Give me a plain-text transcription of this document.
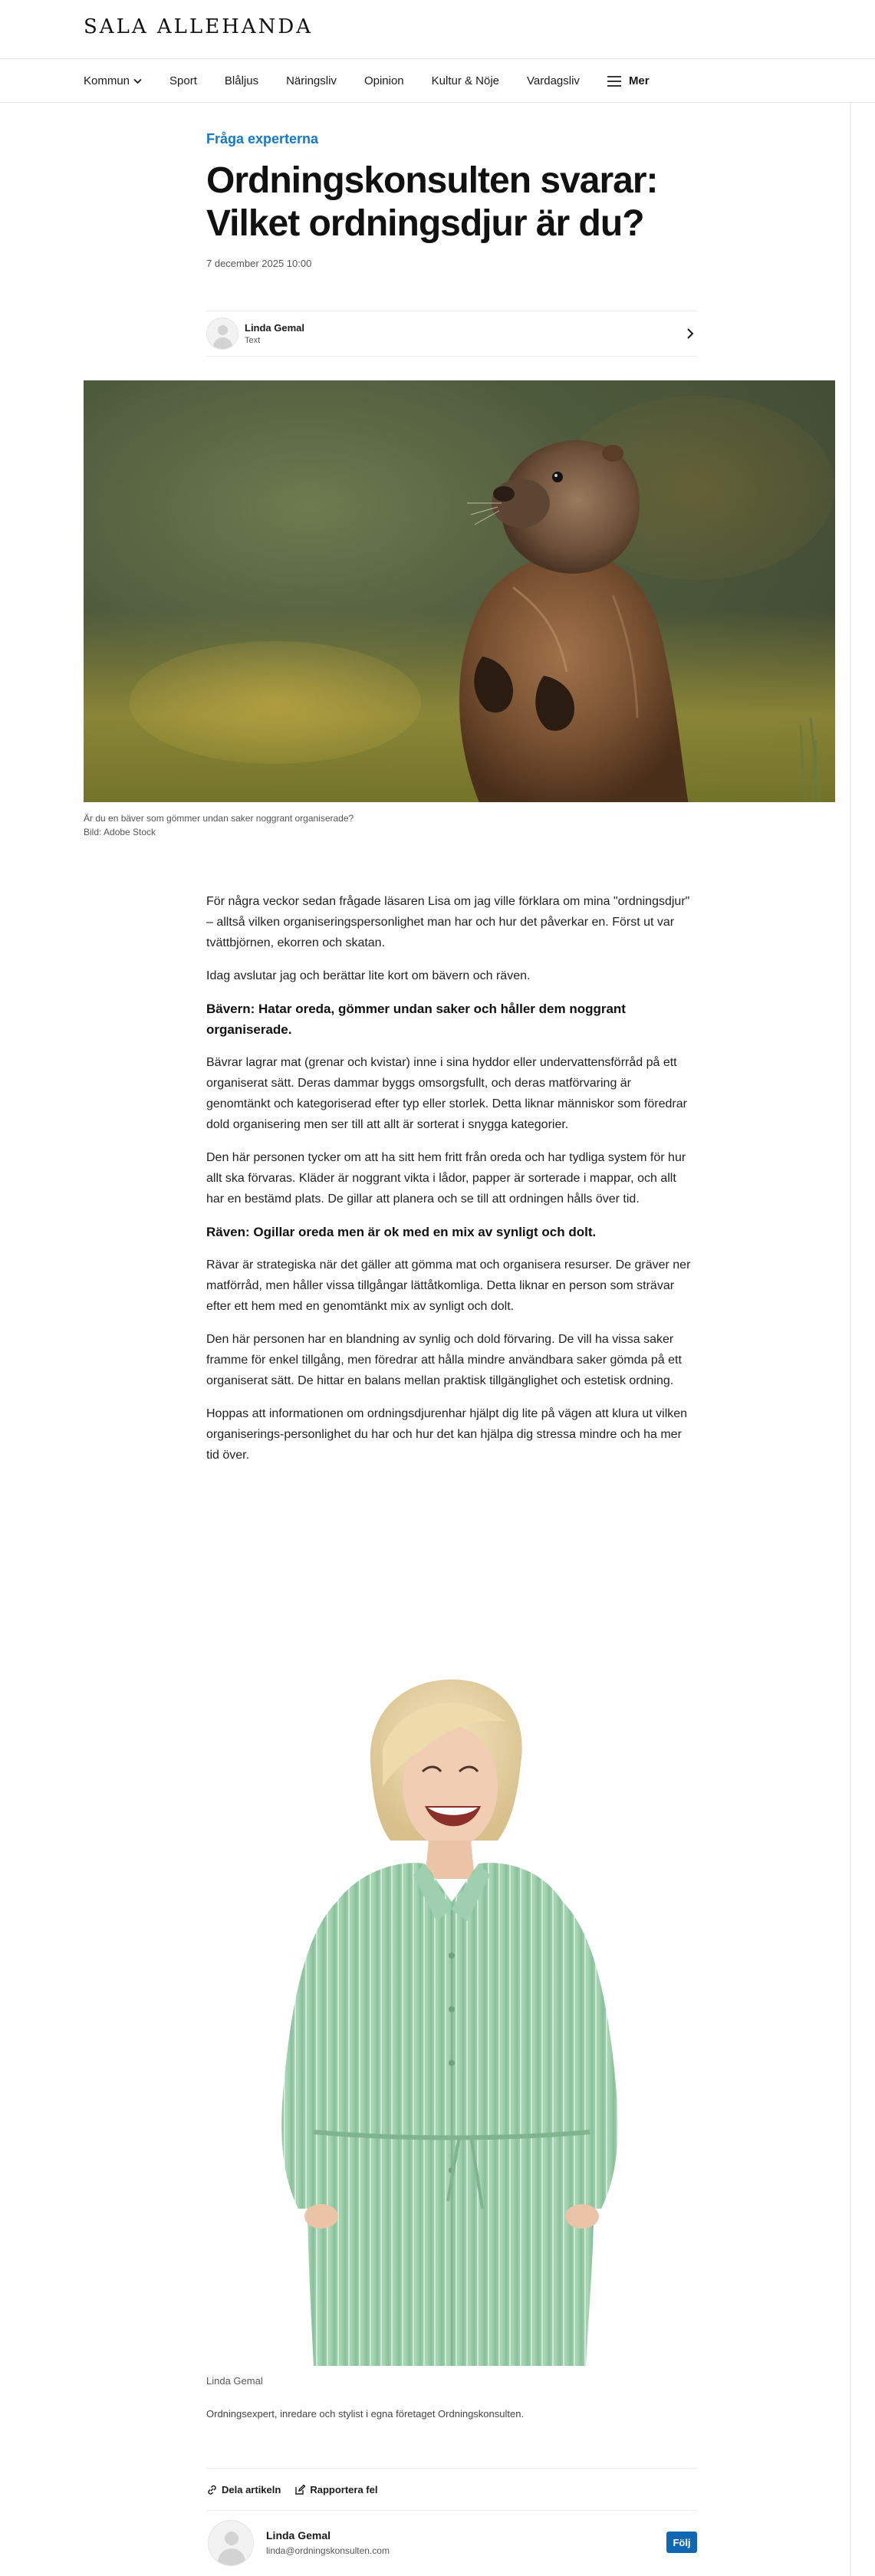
SALA ALLEHANDA
Kommun	Sport Blåljus Näringsliv Opinion Kultur & Nöje Vardagsliv	Mer
Fråga experterna
Ordningskonsulten svarar: Vilket ordningsdjur är du?
7 december 2025 10:00
Linda Gemal
Text
Är du en bäver som gömmer undan saker noggrant organiserade?
Bild: Adobe Stock

För några veckor sedan frågade läsaren Lisa om jag ville förklara om mina "ordningsdjur" – alltså vilken organiseringspersonlighet man har och hur det påverkar en. Först ut var tvättbjörnen, ekorren och skatan.

Idag avslutar jag och berättar lite kort om bävern och räven.

Bävern: Hatar oreda, gömmer undan saker och håller dem noggrant organiserade.

Bävrar lagrar mat (grenar och kvistar) inne i sina hyddor eller undervattensförråd på ett organiserat sätt. Deras dammar byggs omsorgsfullt, och deras matförvaring är genomtänkt och kategoriserad efter typ eller storlek. Detta liknar människor som föredrar dold organisering men ser till att allt är sorterat i snygga kategorier.

Den här personen tycker om att ha sitt hem fritt från oreda och har tydliga system för hur allt ska förvaras. Kläder är noggrant vikta i lådor, papper är sorterade i mappar, och allt har en bestämd plats. De gillar att planera och se till att ordningen hålls över tid.

Räven: Ogillar oreda men är ok med en mix av synligt och dolt.

Rävar är strategiska när det gäller att gömma mat och organisera resurser. De gräver ner matförråd, men håller vissa tillgångar lättåtkomliga. Detta liknar en person som strävar efter ett hem med en genomtänkt mix av synligt och dolt.

Den här personen har en blandning av synlig och dold förvaring. De vill ha vissa saker framme för enkel tillgång, men föredrar att hålla mindre användbara saker gömda på ett organiserat sätt. De hittar en balans mellan praktisk tillgänglighet och estetisk ordning.

Hoppas att informationen om ordningsdjurenhar hjälpt dig lite på vägen att klura ut vilken organiserings-personlighet du har och hur det kan hjälpa dig stressa mindre och ha mer tid över.

Linda Gemal
Ordningsexpert, inredare och stylist i egna företaget Ordningskonsulten.
Dela artikeln	Rapportera fel
Linda Gemal
linda@ordningskonsulten.com
Följ
